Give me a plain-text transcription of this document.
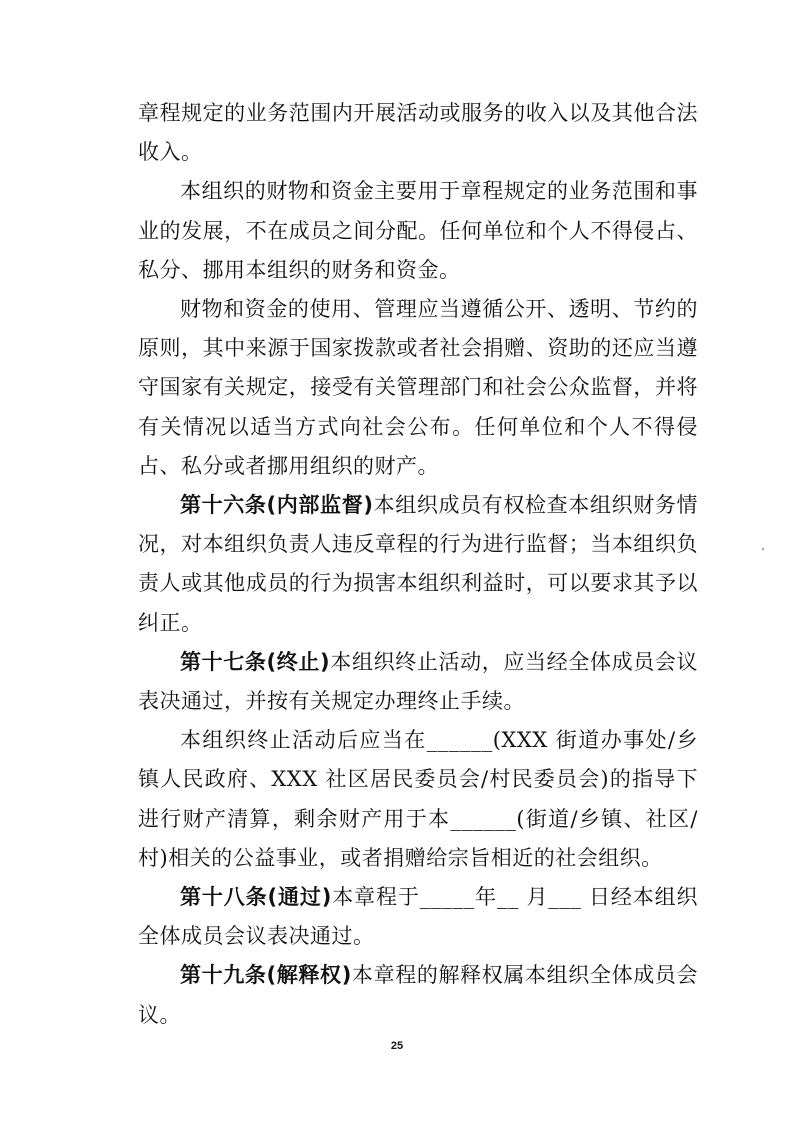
章程规定的业务范围内开展活动或服务的收入以及其他合法收入。

本组织的财物和资金主要用于章程规定的业务范围和事业的发展，不在成员之间分配。任何单位和个人不得侵占、私分、挪用本组织的财务和资金。

财物和资金的使用、管理应当遵循公开、透明、节约的原则，其中来源于国家拨款或者社会捐赠、资助的还应当遵守国家有关规定，接受有关管理部门和社会公众监督，并将有关情况以适当方式向社会公布。任何单位和个人不得侵占、私分或者挪用组织的财产。

第十六条(内部监督)本组织成员有权检查本组织财务情况，对本组织负责人违反章程的行为进行监督；当本组织负责人或其他成员的行为损害本组织利益时，可以要求其予以纠正。

第十七条(终止)本组织终止活动，应当经全体成员会议表决通过，并按有关规定办理终止手续。

本组织终止活动后应当在______(XXX 街道办事处/乡镇人民政府、XXX 社区居民委员会/村民委员会)的指导下进行财产清算，剩余财产用于本______(街道/乡镇、社区/村)相关的公益事业，或者捐赠给宗旨相近的社会组织。

第十八条(通过)本章程于_____年__ 月___ 日经本组织全体成员会议表决通过。

第十九条(解释权)本章程的解释权属本组织全体成员会议。

25
